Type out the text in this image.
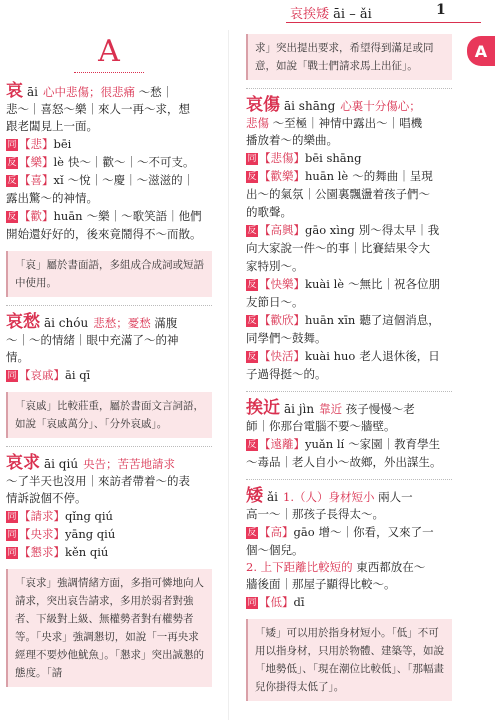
哀挨矮 āi – ǎi	1
A
A
哀 āi 心中悲傷；很悲痛 ～愁｜
悲～｜喜怒～樂｜來人一再～求，想
跟老闆見上一面。
同 【悲】bēi
反 【樂】lè 快～｜歡～｜～不可支。
反 【喜】xǐ ～悅｜～慶｜～滋滋的｜
露出驚～的神情。
反 【歡】huān ～樂｜～歌笑語｜他們
開始還好好的，後來竟鬧得不～而散。
「哀」屬於書面語，多組成合成詞或短語中使用。
哀愁 āi chóu 悲愁；憂愁 滿腹
～｜～的情緒｜眼中充滿了～的神
情。
同 【哀戚】āi qī
「哀戚」比較莊重，屬於書面文言詞語，如說「哀戚萬分」、「分外哀戚」。
哀求 āi qiú 央告；苦苦地請求
～了半天也沒用｜來訪者帶着～的表
情訴說個不停。
同 【請求】qǐng qiú
同 【央求】yāng qiú
同 【懇求】kěn qiú
「哀求」強調情緒方面，多指可憐地向人請求，突出哀告請求，多用於弱者對強者、下級對上級、無權勢者對有權勢者等。「央求」強調懇切，如說「一再央求經理不要炒他魷魚」。「懇求」突出誠懇的態度。「請
求」突出提出要求，希望得到滿足或同意，如說「戰士們請求馬上出征」。
哀傷 āi shāng 心裏十分傷心；
悲傷 ～至極｜神情中露出～｜唱機
播放着～的樂曲。
同 【悲傷】bēi shāng
反 【歡樂】huān lè ～的舞曲｜呈現
出～的氣氛｜公園裏飄盪着孩子們～
的歌聲。
反 【高興】gāo xìng 別～得太早｜我
向大家說一件～的事｜比賽結果令大
家特別～。
反 【快樂】kuài lè ～無比｜祝各位朋
友節日～。
反 【歡欣】huān xīn 聽了這個消息，
同學們～鼓舞。
反 【快活】kuài huo 老人退休後，日
子過得挺～的。
挨近 āi jìn 靠近 孩子慢慢～老
師｜你那台電腦不要～牆壁。
反 【遠離】yuǎn lí ～家園｜教育學生
～毒品｜老人自小～故鄉，外出謀生。
矮 ǎi 1.（人）身材短小 兩人一
高一～｜那孩子長得太～。
反 【高】gāo 增～｜你看，又來了一
個～個兒。
2. 上下距離比較短的 東西都放在～
牆後面｜那屋子顯得比較～。
同 【低】dī
「矮」可以用於指身材短小。「低」不可用以指身材，只用於物體、建築等，如說「地勢低」、「現在潮位比較低」、「那幅畫兒你掛得太低了」。
